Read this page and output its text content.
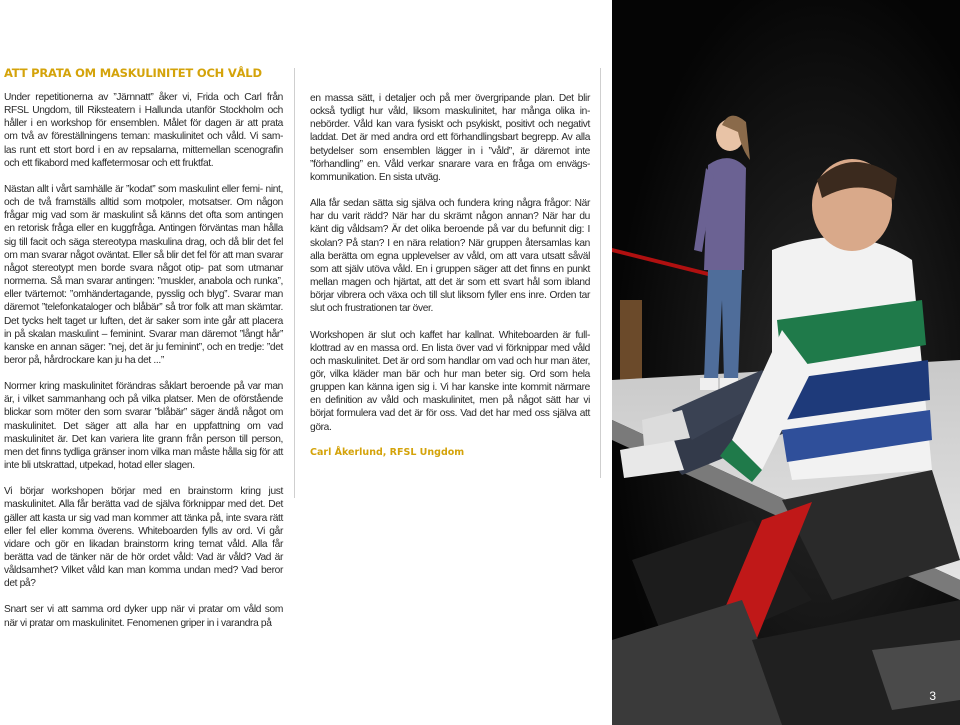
ATT PRATA OM MASKULINITET OCH VÅLD
Under repetitionerna av ”Järnnatt” åker vi, Frida och Carl från RFSL Ungdom, till Riksteatern i Hallunda utanför Stockholm och håller i en workshop för ensemblen. Målet för dagen är att prata om två av föreställningens teman: maskulinitet och våld. Vi sam- las runt ett stort bord i en av repsalarna, mittemellan scenografin och ett fikabord med kaffetermosar och ett fruktfat.
Nästan allt i vårt samhälle är ”kodat” som maskulint eller femi- nint, och de två framställs alltid som motpoler, motsatser. Om någon frågar mig vad som är maskulint så känns det ofta som antingen en retorisk fråga eller en kuggfråga. Antingen förväntas man hålla sig till facit och säga stereotypa maskulina drag, och då blir det fel om man svarar något oväntat. Eller så blir det fel för att man svarar något stereotypt men borde svara något otip- pat som utmanar normerna. Så man svarar antingen: ”muskler, anabola och runka”, eller tvärtemot: ”omhändertagande, pysslig och blyg”. Svarar man däremot ”telefonkataloger och blåbär” så tror folk att man skämtar. Det tycks helt taget ur luften, det är saker som inte går att placera in på skalan maskulint – feminint. Svarar man däremot ”långt hår” kanske en annan säger: ”nej, det är ju feminint”, och en tredje: ”det beror på, hårdrockare kan ju ha det ...”
Normer kring maskulinitet förändras såklart beroende på var man är, i vilket sammanhang och på vilka platser. Men de oförstående blickar som möter den som svarar ”blåbär” säger ändå något om maskulinitet. Det säger att alla har en uppfattning om vad maskulinitet är. Det kan variera lite grann från person till person, men det finns tydliga gränser inom vilka man måste hålla sig för att inte bli utskrattad, utpekad, hotad eller slagen.
Vi börjar workshopen börjar med en brainstorm kring just maskulinitet. Alla får berätta vad de själva förknippar med det. Det gäller att kasta ur sig vad man kommer att tänka på, inte svara rätt eller fel eller komma överens. Whiteboarden fylls av ord. Vi går vidare och gör en likadan brainstorm kring temat våld. Alla får berätta vad de tänker när de hör ordet våld: Vad är våld? Vad är våldsamhet? Vilket våld kan man komma undan med? Vad beror det på?
Snart ser vi att samma ord dyker upp när vi pratar om våld som när vi pratar om maskulinitet. Fenomenen griper in i varandra på
en massa sätt, i detaljer och på mer övergripande plan. Det blir också tydligt hur våld, liksom maskulinitet, har många olika in- nebörder. Våld kan vara fysiskt och psykiskt, positivt och negativt laddat. Det är med andra ord ett förhandlingsbart begrepp. Av alla betydelser som ensemblen lägger in i ”våld”, är däremot inte ”förhandling” en. Våld verkar snarare vara en fråga om envägs- kommunikation. En sista utväg.
Alla får sedan sätta sig själva och fundera kring några frågor: När har du varit rädd? När har du skrämt någon annan? När har du känt dig våldsam? Är det olika beroende på var du befunnit dig: I skolan? På stan? I en nära relation? När gruppen återsamlas kan alla berätta om egna upplevelser av våld, om att vara utsatt såväl som att själv utöva våld. En i gruppen säger att det finns en punkt mellan magen och hjärtat, att det är som ett svart hål som ibland börjar vibrera och växa och till slut liksom fyller ens inre. Orden tar slut och frustrationen tar över.
Workshopen är slut och kaffet har kallnat. Whiteboarden är full- klottrad av en massa ord. En lista över vad vi förknippar med våld och maskulinitet. Det är ord som handlar om vad och hur man äter, gör, vilka kläder man bär och hur man beter sig. Ord som hela gruppen kan känna igen sig i. Vi har kanske inte kommit närmare en definition av våld och maskulinitet, men på något sätt har vi börjat formulera vad det är för oss. Vad det har med oss själva att göra.
Carl Åkerlund, RFSL Ungdom
3
